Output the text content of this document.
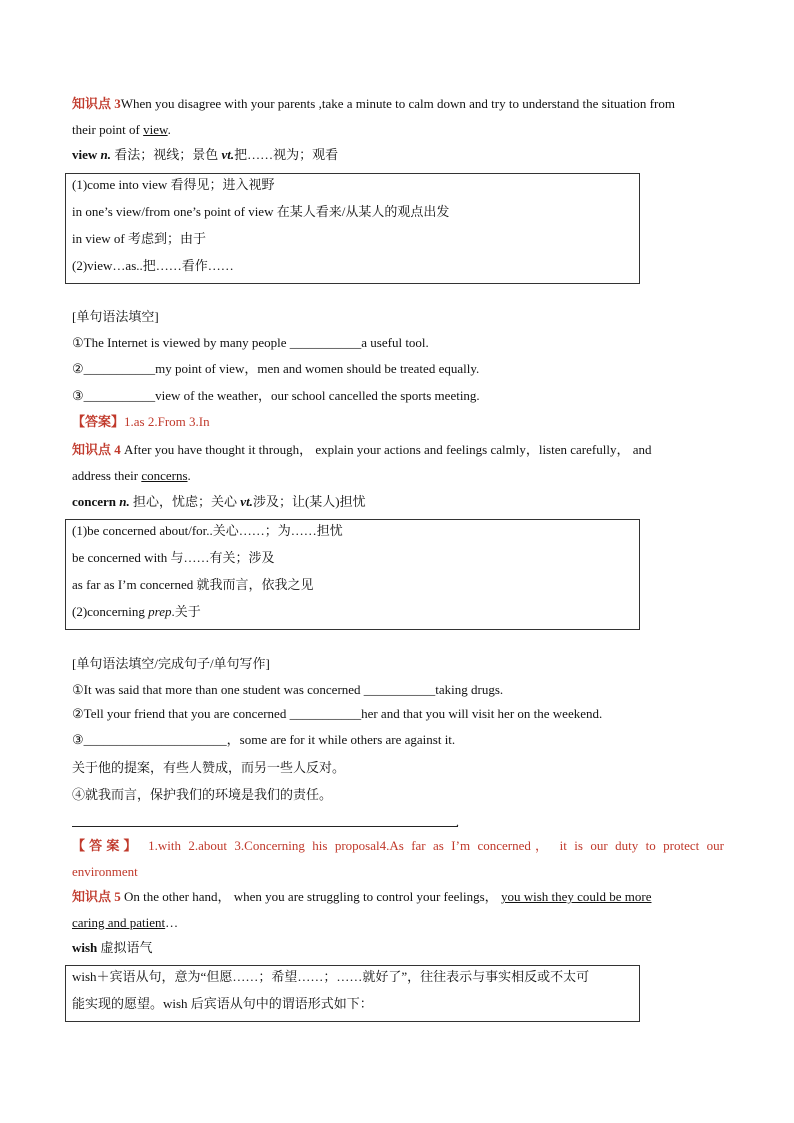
知识点 3When you disagree with your parents ,take a minute to calm down and try to understand the situation from
their point of view.
view n. 看法；视线；景色 vt.把……视为；观看
(1)come into view 看得见；进入视野
in one’s view/from one’s point of view 在某人看来/从某人的观点出发
in view of 考虑到；由于
(2)view…as..把……看作……
[单句语法填空]
①The Internet is viewed by many people ___________a useful tool.
②___________my point of view，men and women should be treated equally.
③___________view of the weather，our school cancelled the sports meeting.
【答案】1.as 2.From 3.In
知识点 4 After you have thought it through， explain your actions and feelings calmly，listen carefully， and
address their concerns.
concern n. 担心，忧虑；关心 vt.涉及；让(某人)担忧
(1)be concerned about/for..关心……；为……担忧
be concerned with 与……有关；涉及
as far as I’m concerned 就我而言，依我之见
(2)concerning prep.关于
[单句语法填空/完成句子/单句写作]
①It was said that more than one student was concerned ___________taking drugs.
②Tell your friend that you are concerned ___________her and that you will visit her on the weekend.
③______________________，some are for it while others are against it.
关于他的提案，有些人赞成，而另一些人反对。
④就我而言，保护我们的环境是我们的责任。
.
【答案】 1.with 2.about 3.Concerning his proposal4.As far as I’m concerned， it is our duty to protect our
environment
知识点 5 On the other hand， when you are struggling to control your feelings， you wish they could be more
caring and patient…
wish 虚拟语气
wish＋宾语从句，意为“但愿……；希望……；……就好了”，往往表示与事实相反或不太可
能实现的愿望。wish 后宾语从句中的谓语形式如下：
